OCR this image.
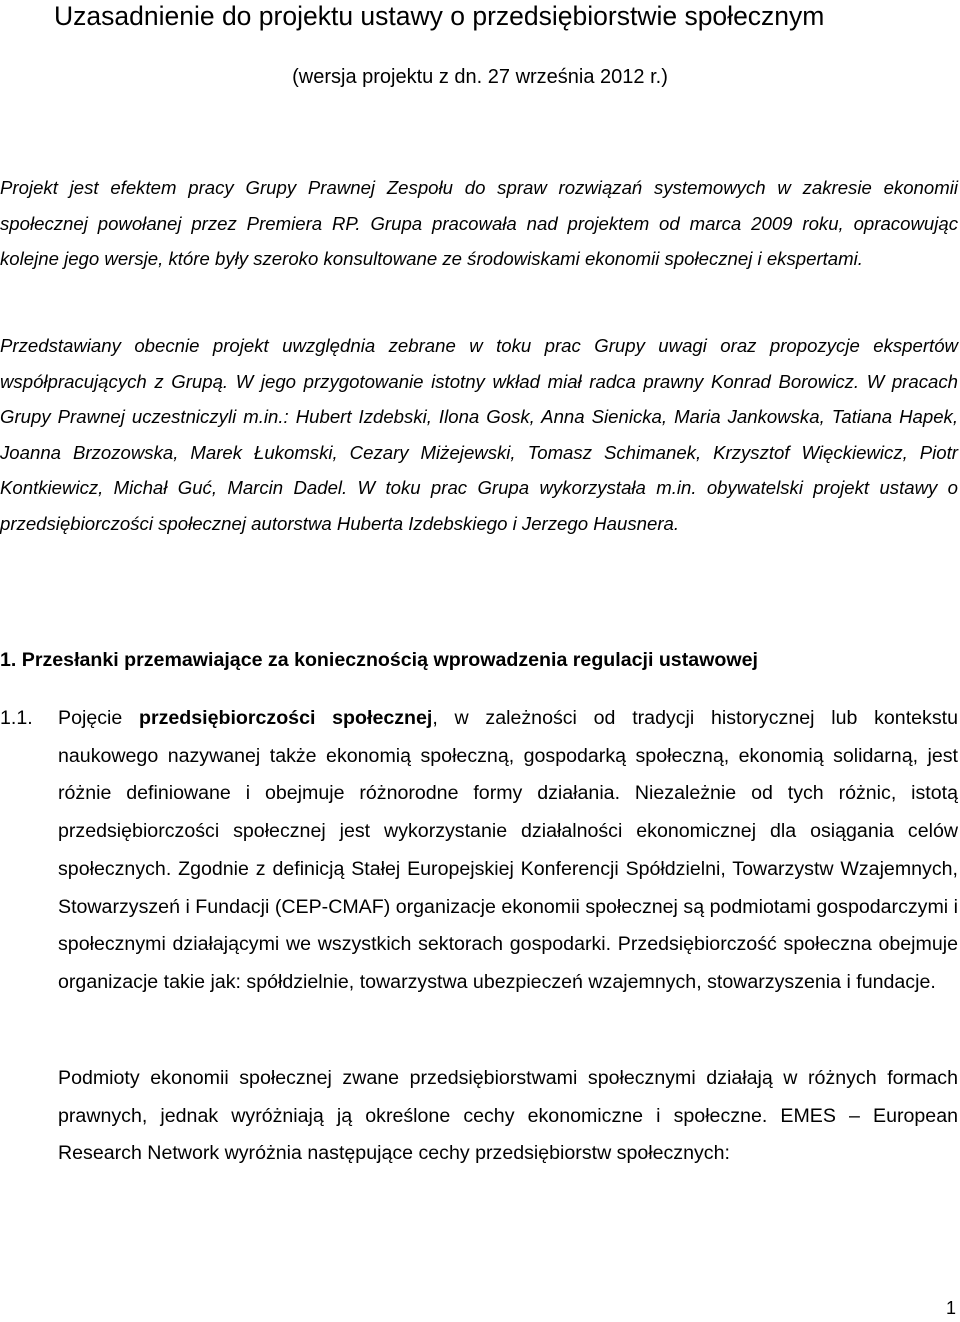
Uzasadnienie do projektu ustawy o przedsiębiorstwie społecznym

(wersja projektu z dn. 27 września 2012 r.)

Projekt jest efektem pracy Grupy Prawnej Zespołu do spraw rozwiązań systemowych w zakresie ekonomii społecznej powołanej przez Premiera RP. Grupa pracowała nad projektem od marca 2009 roku, opracowując kolejne jego wersje, które były szeroko konsultowane ze środowiskami ekonomii społecznej i ekspertami.

Przedstawiany obecnie projekt uwzględnia zebrane w toku prac Grupy uwagi oraz propozycje ekspertów współpracujących z Grupą. W jego przygotowanie istotny wkład miał radca prawny Konrad Borowicz. W pracach Grupy Prawnej uczestniczyli m.in.: Hubert Izdebski, Ilona Gosk, Anna Sienicka, Maria Jankowska, Tatiana Hapek, Joanna Brzozowska, Marek Łukomski, Cezary Miżejewski, Tomasz Schimanek, Krzysztof Więckiewicz, Piotr Kontkiewicz, Michał Guć, Marcin Dadel. W toku prac Grupa wykorzystała m.in. obywatelski projekt ustawy o przedsiębiorczości społecznej autorstwa Huberta Izdebskiego i Jerzego Hausnera.

1. Przesłanki przemawiające za koniecznością wprowadzenia regulacji ustawowej
1.1. Pojęcie przedsiębiorczości społecznej, w zależności od tradycji historycznej lub kontekstu naukowego nazywanej także ekonomią społeczną, gospodarką społeczną, ekonomią solidarną, jest różnie definiowane i obejmuje różnorodne formy działania. Niezależnie od tych różnic, istotą przedsiębiorczości społecznej jest wykorzystanie działalności ekonomicznej dla osiągania celów społecznych. Zgodnie z definicją Stałej Europejskiej Konferencji Spółdzielni, Towarzystw Wzajemnych, Stowarzyszeń i Fundacji (CEP-CMAF) organizacje ekonomii społecznej są podmiotami gospodarczymi i społecznymi działającymi we wszystkich sektorach gospodarki. Przedsiębiorczość społeczna obejmuje organizacje takie jak: spółdzielnie, towarzystwa ubezpieczeń wzajemnych, stowarzyszenia i fundacje.

Podmioty ekonomii społecznej zwane przedsiębiorstwami społecznymi działają w różnych formach prawnych, jednak wyróżniają ją określone cechy ekonomiczne i społeczne. EMES – European Research Network wyróżnia następujące cechy przedsiębiorstw społecznych:

1
